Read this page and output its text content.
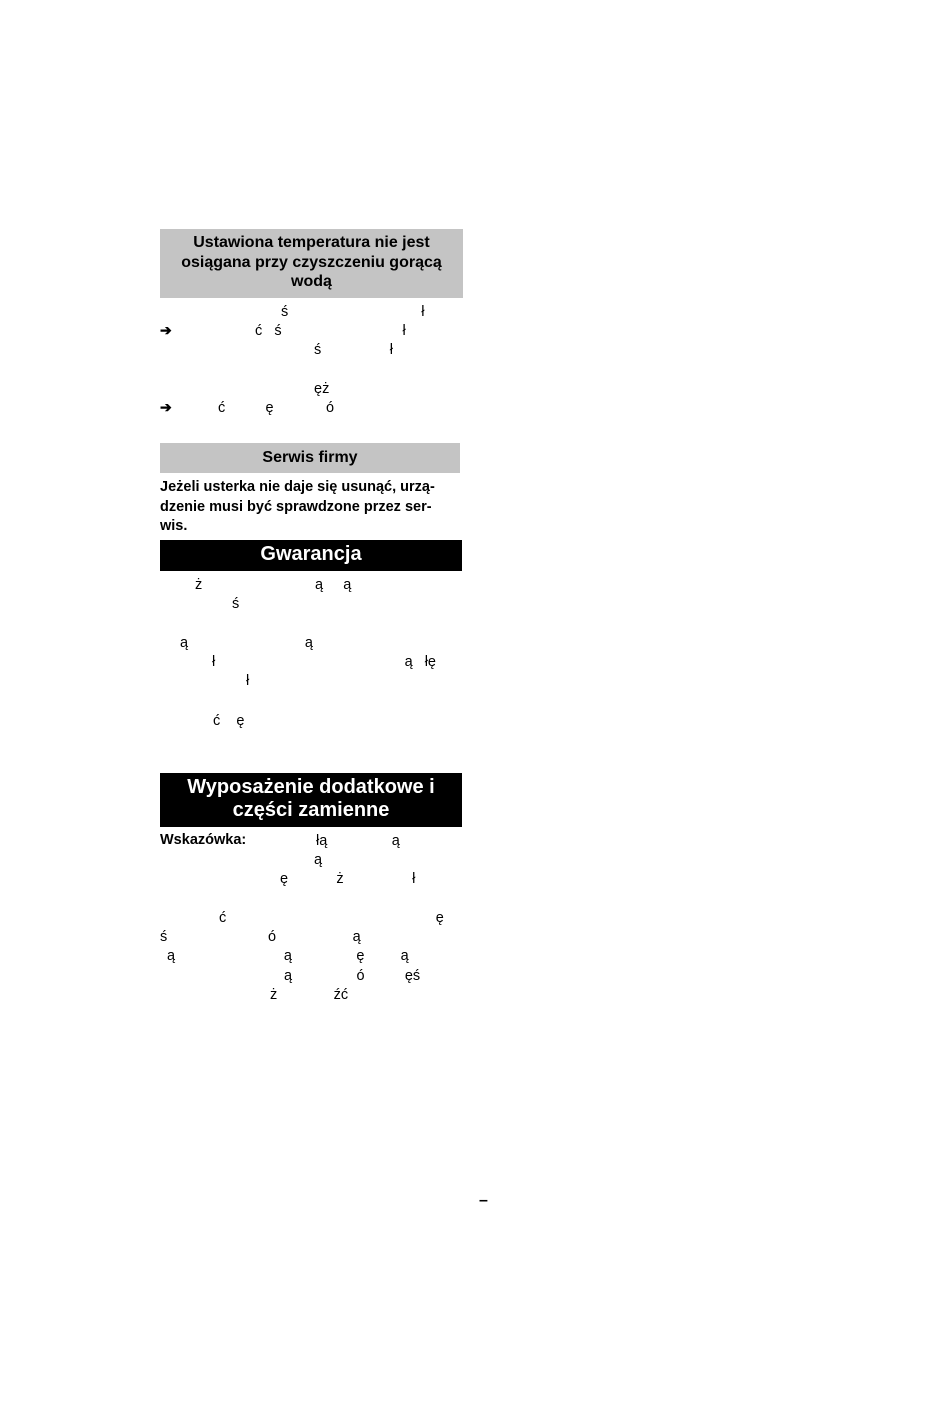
Ustawiona temperatura nie jest osiągana przy czyszczeniu gorącą wodą
ś                                 ł
➔	ć   ś                              ł
ś                 ł
ęż
➔	ć          ę             ó
Serwis firmy
Jeżeli usterka nie daje się usunąć, urzą-
dzenie musi być sprawdzone przez ser-
wis.
Gwarancja
ż                            ą     ą
ś
ą                             ą
ł                                               ą   łę
ł
ć    ę
Wyposażenie dodatkowe i części zamienne
Wskazówka:	łą                ą
ą
ę            ż                 ł
ć                                                    ę
ś                         ó                   ą
ą                           ą                ę         ą
ą                ó          ęś
ż              źć
–
